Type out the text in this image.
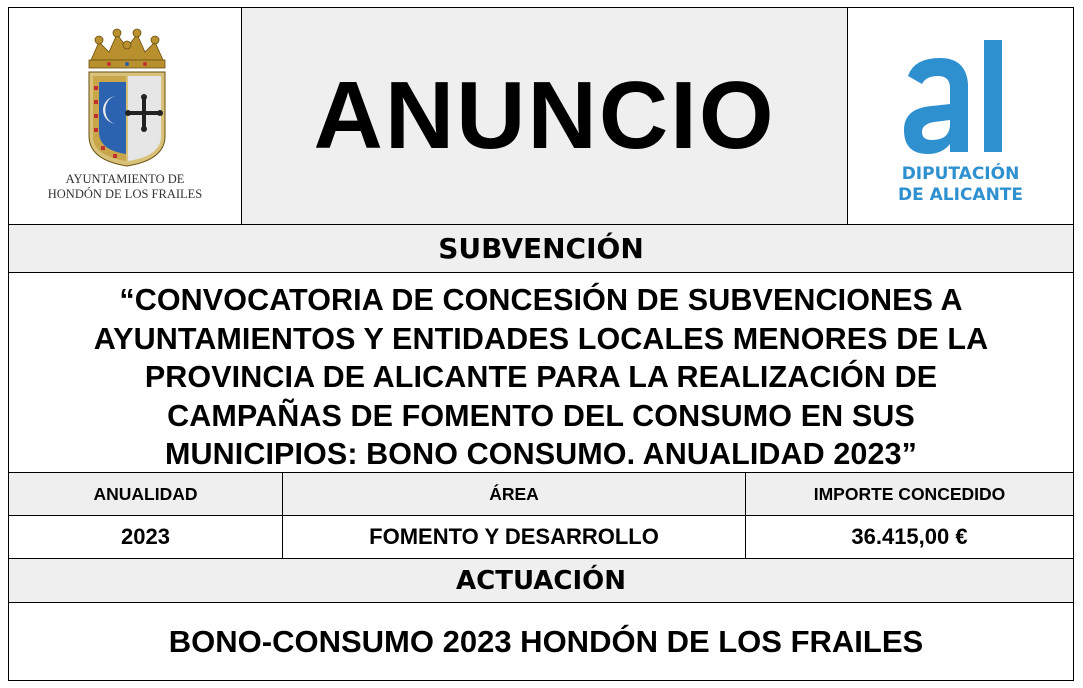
AYUNTAMIENTO DE
HONDÓN DE LOS FRAILES
ANUNCIO
DIPUTACIÓN
DE ALICANTE
SUBVENCIÓN
“CONVOCATORIA DE CONCESIÓN DE SUBVENCIONES A
AYUNTAMIENTOS Y ENTIDADES LOCALES MENORES DE LA
PROVINCIA DE ALICANTE PARA LA REALIZACIÓN DE
CAMPAÑAS DE FOMENTO DEL CONSUMO EN SUS
MUNICIPIOS: BONO CONSUMO. ANUALIDAD 2023”
ANUALIDAD	ÁREA	IMPORTE CONCEDIDO
2023	FOMENTO Y DESARROLLO	36.415,00 €
ACTUACIÓN
BONO-CONSUMO 2023 HONDÓN DE LOS FRAILES
